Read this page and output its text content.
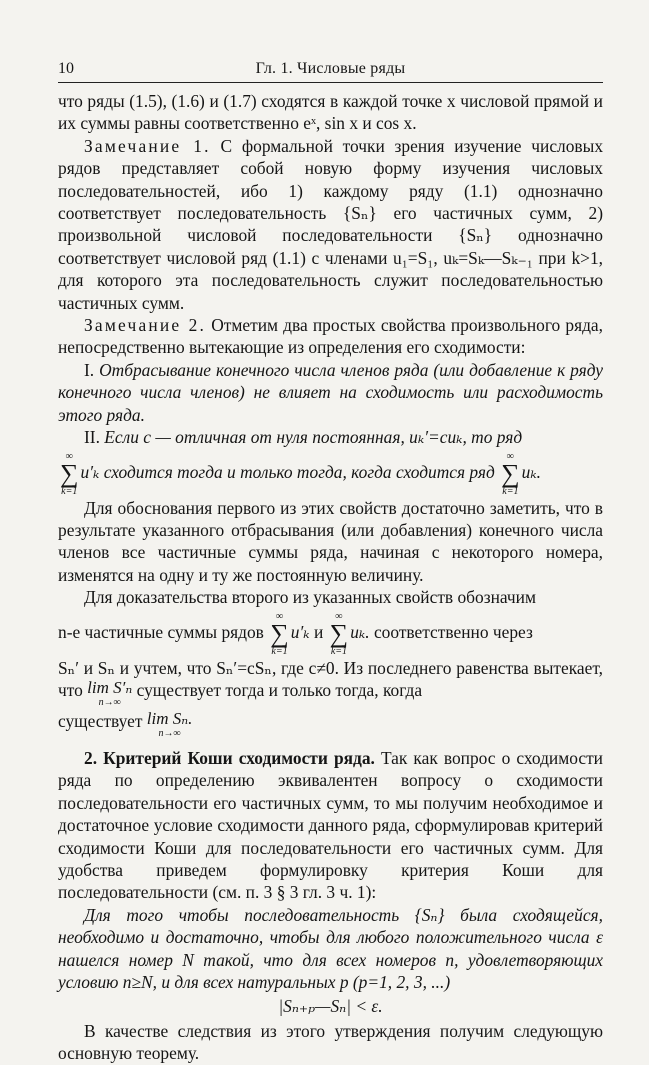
10	Гл. 1. Числовые ряды

что ряды (1.5), (1.6) и (1.7) сходятся в каждой точке x числовой прямой и их суммы равны соответственно eˣ, sin x и cos x.

Замечание 1. С формальной точки зрения изучение числовых рядов представляет собой новую форму изучения числовых последовательностей, ибо 1) каждому ряду (1.1) однозначно соответствует последовательность {Sₙ} его частичных сумм, 2) произвольной числовой последовательности {Sₙ} однозначно соответствует числовой ряд (1.1) с членами u₁=S₁, uₖ=Sₖ—Sₖ₋₁ при k>1, для которого эта последовательность служит последовательностью частичных сумм.

Замечание 2. Отметим два простых свойства произвольного ряда, непосредственно вытекающие из определения его сходимости:

I. Отбрасывание конечного числа членов ряда (или добавление к ряду конечного числа членов) не влияет на сходимость или расходимость этого ряда.

II. Если c — отличная от нуля постоянная, uₖ′=cuₖ, то ряд

∞
∑
k=1
u′ₖ сходится тогда и только тогда, когда сходится ряд
∞
∑
k=1
uₖ.

Для обоснования первого из этих свойств достаточно заметить, что в результате указанного отбрасывания (или добавления) конечного числа членов все частичные суммы ряда, начиная с некоторого номера, изменятся на одну и ту же постоянную величину.

Для доказательства второго из указанных свойств обозначим

n-е частичные суммы рядов
∞
∑
k=1
u′ₖ и
∞
∑
k=1
uₖ. соответственно через

Sₙ′ и Sₙ и учтем, что Sₙ′=cSₙ, где c≠0. Из последнего равенства вытекает, что lim S′ₙ
n→∞
существует тогда и только тогда, когда

существует lim Sₙ.
n→∞

2. Критерий Коши сходимости ряда. Так как вопрос о сходимости ряда по определению эквивалентен вопросу о сходимости последовательности его частичных сумм, то мы получим необходимое и достаточное условие сходимости данного ряда, сформулировав критерий сходимости Коши для последовательности его частичных сумм. Для удобства приведем формулировку критерия Коши для последовательности (см. п. 3 § 3 гл. 3 ч. 1):

Для того чтобы последовательность {Sₙ} была сходящейся, необходимо и достаточно, чтобы для любого положительного числа ε нашелся номер N такой, что для всех номеров n, удовлетворяющих условию n≥N, и для всех натуральных p (p=1, 2, 3, ...)

|Sₙ₊ₚ—Sₙ| < ε.

В качестве следствия из этого утверждения получим следующую основную теорему.
